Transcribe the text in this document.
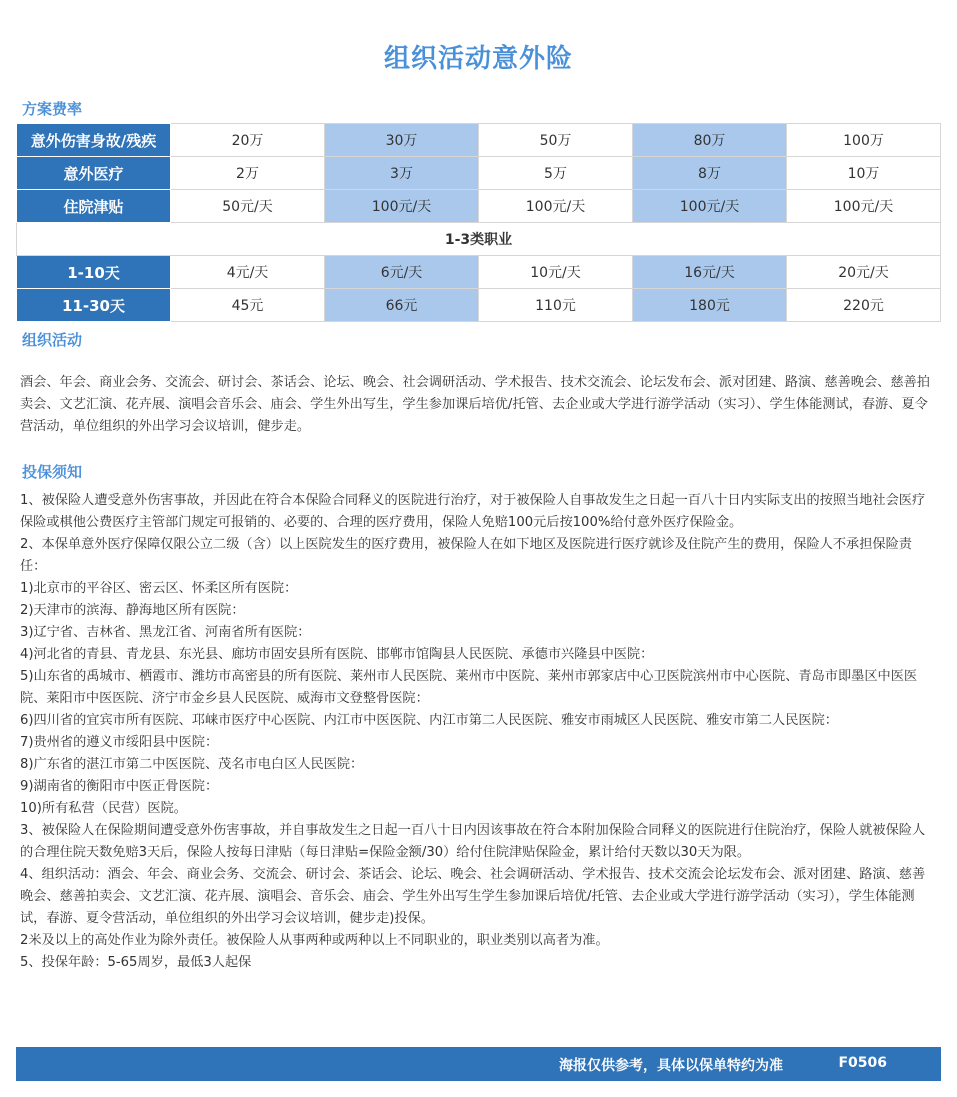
组织活动意外险
方案费率
意外伤害身故/残疾	20万	30万	50万	80万	100万
意外医疗	2万	3万	5万	8万	10万
住院津贴	50元/天	100元/天	100元/天	100元/天	100元/天
1-3类职业					
1-10天	4元/天	6元/天	10元/天	16元/天	20元/天
11-30天	45元	66元	110元	180元	220元
组织活动

酒会、年会、商业会务、交流会、研讨会、茶话会、论坛、晚会、社会调研活动、学术报告、技术交流会、论坛发布会、派对团建、路演、慈善晚会、慈善拍卖会、文艺汇演、花卉展、演唱会音乐会、庙会、学生外出写生，学生参加课后培优/托管、去企业或大学进行游学活动（实习）、学生体能测试，春游、夏令营活动，单位组织的外出学习会议培训，健步走。

投保须知
1、被保险人遭受意外伤害事故，并因此在符合本保险合同释义的医院进行治疗，对于被保险人自事故发生之日起一百八十日内实际支出的按照当地社会医疗保险或棋他公费医疗主管部门规定可报销的、必要的、合理的医疗费用，保险人免赔100元后按100%给付意外医疗保险金。
2、本保单意外医疗保障仅限公立二级（含）以上医院发生的医疗费用，被保险人在如下地区及医院进行医疗就诊及住院产生的费用，保险人不承担保险责任：
1)北京市的平谷区、密云区、怀柔区所有医院：
2)天津市的滨海、静海地区所有医院：
3)辽宁省、吉林省、黑龙江省、河南省所有医院：
4)河北省的青县、青龙县、东光县、廊坊市固安县所有医院、邯郸市馆陶县人民医院、承德市兴隆县中医院：
5)山东省的禹城市、栖霞市、潍坊市高密县的所有医院、莱州市人民医院、莱州市中医院、莱州市郭家店中心卫医院滨州市中心医院、青岛市即墨区中医医院、莱阳市中医医院、济宁市金乡县人民医院、威海市文登整骨医院：
6)四川省的宜宾市所有医院、邛崃市医疗中心医院、内江市中医医院、内江市第二人民医院、雅安市雨城区人民医院、雅安市第二人民医院：
7)贵州省的遵义市绥阳县中医院：
8)广东省的湛江市第二中医医院、茂名市电白区人民医院：
9)湖南省的衡阳市中医正骨医院：
10)所有私营（民营）医院。
3、被保险人在保险期间遭受意外伤害事故，并自事故发生之日起一百八十日内因该事故在符合本附加保险合同释义的医院进行住院治疗，保险人就被保险人的合理住院天数免赔3天后，保险人按每日津贴（每日津贴=保险金额/30）给付住院津贴保险金，累计给付天数以30天为限。
4、组织活动：酒会、年会、商业会务、交流会、研讨会、茶话会、论坛、晚会、社会调研活动、学术报告、技术交流会论坛发布会、派对团建、路演、慈善晚会、慈善拍卖会、文艺汇演、花卉展、演唱会、音乐会、庙会、学生外出写生学生参加课后培优/托管、去企业或大学进行游学活动（实习），学生体能测试，春游、夏令营活动，单位组织的外出学习会议培训，健步走)投保。
2米及以上的高处作业为除外责任。被保险人从事两种或两种以上不同职业的，职业类别以高者为准。
5、投保年龄：5-65周岁，最低3人起保
海报仅供参考，具体以保单特约为准	F0506
